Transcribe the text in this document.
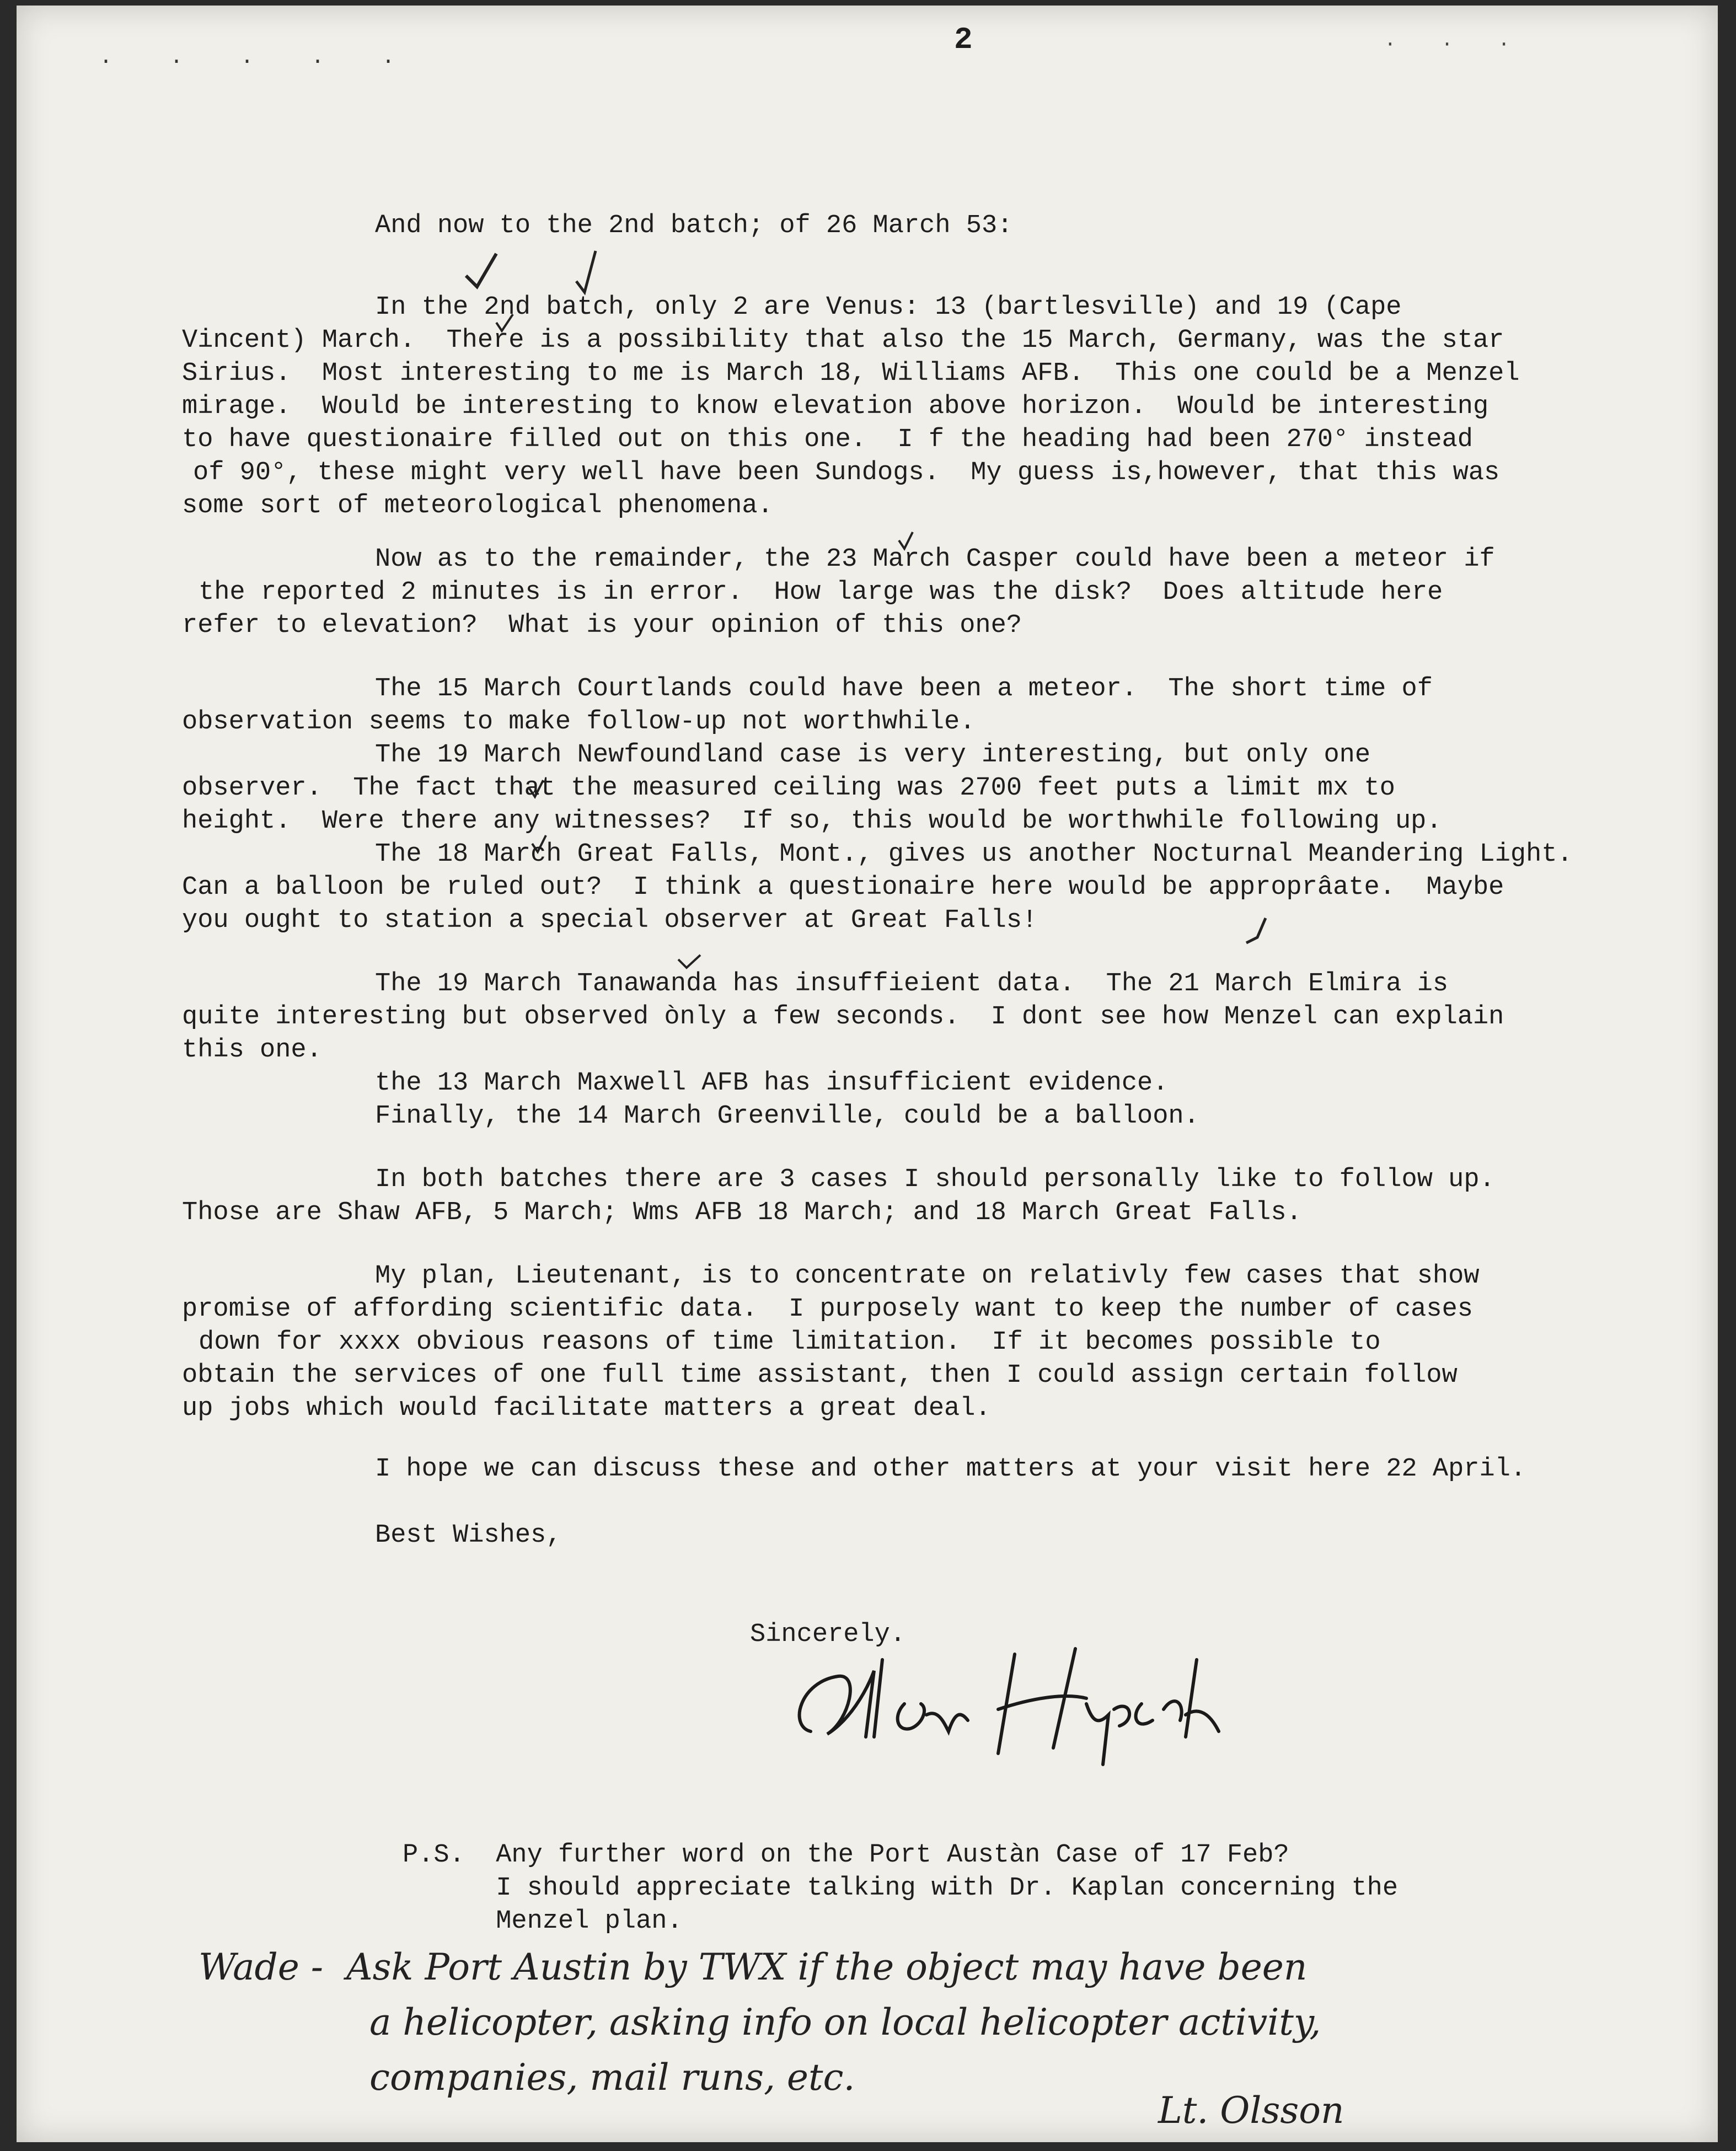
2
· · · · ·
· · ·

And now to the 2nd batch; of 26 March 53:

In the 2nd batch, only 2 are Venus: 13 (bartlesville) and 19 (Cape

Vincent) March.  There is a possibility that also the 15 March, Germany, was the star

Sirius.  Most interesting to me is March 18, Williams AFB.  This one could be a Menzel

mirage.  Would be interesting to know elevation above horizon.  Would be interesting

to have questionaire filled out on this one.  I f the heading had been 270° instead

of 90°, these might very well have been Sundogs.  My guess is,however, that this was

some sort of meteorological phenomena.

Now as to the remainder, the 23 March Casper could have been a meteor if

the reported 2 minutes is in error.  How large was the disk?  Does altitude here

refer to elevation?  What is your opinion of this one?

The 15 March Courtlands could have been a meteor.  The short time of

observation seems to make follow-up not worthwhile.

The 19 March Newfoundland case is very interesting, but only one

observer.  The fact that the measured ceiling was 2700 feet puts a limit mx to

height.  Were there any witnesses?  If so, this would be worthwhile following up.

The 18 March Great Falls, Mont., gives us another Nocturnal Meandering Light.

Can a balloon be ruled out?  I think a questionaire here would be approprâate.  Maybe

you ought to station a special observer at Great Falls!

The 19 March Tanawanda has insuffieient data.  The 21 March Elmira is

quite interesting but observed ònly a few seconds.  I dont see how Menzel can explain

this one.

the 13 March Maxwell AFB has insufficient evidence.

Finally, the 14 March Greenville, could be a balloon.

In both batches there are 3 cases I should personally like to follow up.

Those are Shaw AFB, 5 March; Wms AFB 18 March; and 18 March Great Falls.

My plan, Lieutenant, is to concentrate on relativly few cases that show

promise of affording scientific data.  I purposely want to keep the number of cases

down for xxxx obvious reasons of time limitation.  If it becomes possible to

obtain the services of one full time assistant, then I could assign certain follow

up jobs which would facilitate matters a great deal.

I hope we can discuss these and other matters at your visit here 22 April.

Best Wishes,

Sincerely.

P.S.  Any further word on the Port Austàn Case of 17 Feb?

I should appreciate talking with Dr. Kaplan concerning the

Menzel plan.

Wade -  Ask Port Austin by TWX if the object may have been

a helicopter, asking info on local helicopter activity,

companies, mail runs, etc.

Lt. Olsson
